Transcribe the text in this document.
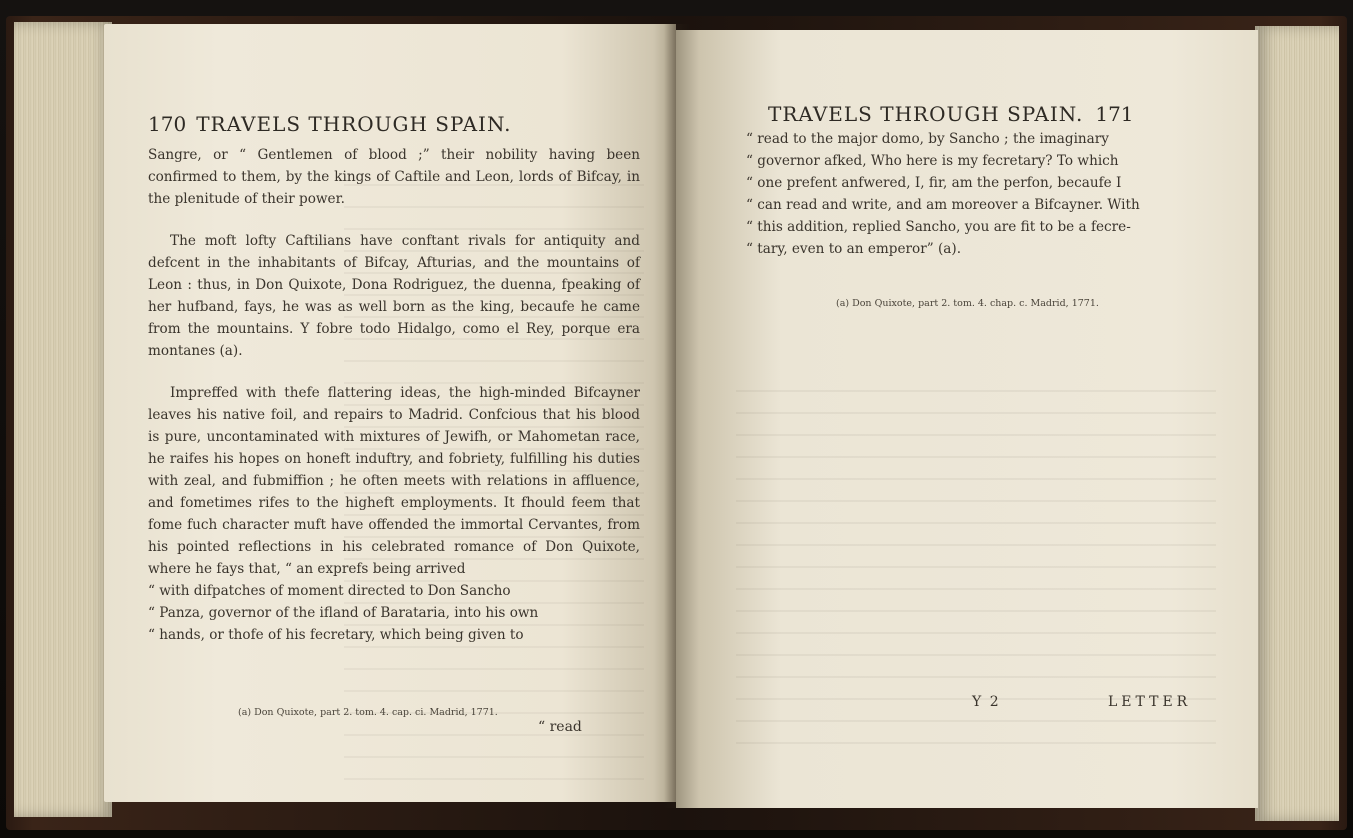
170 TRAVELS THROUGH SPAIN.

Sangre, or “ Gentlemen of blood ;” their nobility having been confirmed to them, by the kings of Caftile and Leon, lords of Bifcay, in the plenitude of their power.

The moft lofty Caftilians have conftant rivals for antiquity and defcent in the inhabitants of Bifcay, Afturias, and the mountains of Leon : thus, in Don Quixote, Dona Rodriguez, the duenna, fpeaking of her hufband, fays, he was as well born as the king, becaufe he came from the mountains. Y fobre todo Hidalgo, como el Rey, porque era montanes (a).

Impreffed with thefe flattering ideas, the high-minded Bifcayner leaves his native foil, and repairs to Madrid. Confcious that his blood is pure, uncontaminated with mixtures of Jewifh, or Mahometan race, he raifes his hopes on honeft induftry, and fobriety, fulfilling his duties with zeal, and fubmiffion ; he often meets with relations in affluence, and fometimes rifes to the higheft employments. It fhould feem that fome fuch character muft have offended the immortal Cervantes, from his pointed reflections in his celebrated romance of Don Quixote, where he fays that, “ an exprefs being arrived

“ with difpatches of moment directed to Don Sancho

“ Panza, governor of the ifland of Barataria, into his own

“ hands, or thofe of his fecretary, which being given to

(a) Don Quixote, part 2. tom. 4. cap. ci. Madrid, 1771.
“ read
TRAVELS THROUGH SPAIN. 171

“ read to the major domo, by Sancho ; the imaginary

“ governor afked, Who here is my fecretary? To which

“ one prefent anfwered, I, fir, am the perfon, becaufe I

“ can read and write, and am moreover a Bifcayner. With

“ this addition, replied Sancho, you are fit to be a fecre-

“ tary, even to an emperor” (a).

(a) Don Quixote, part 2. tom. 4. chap. c. Madrid, 1771.
Y 2	LETTER
